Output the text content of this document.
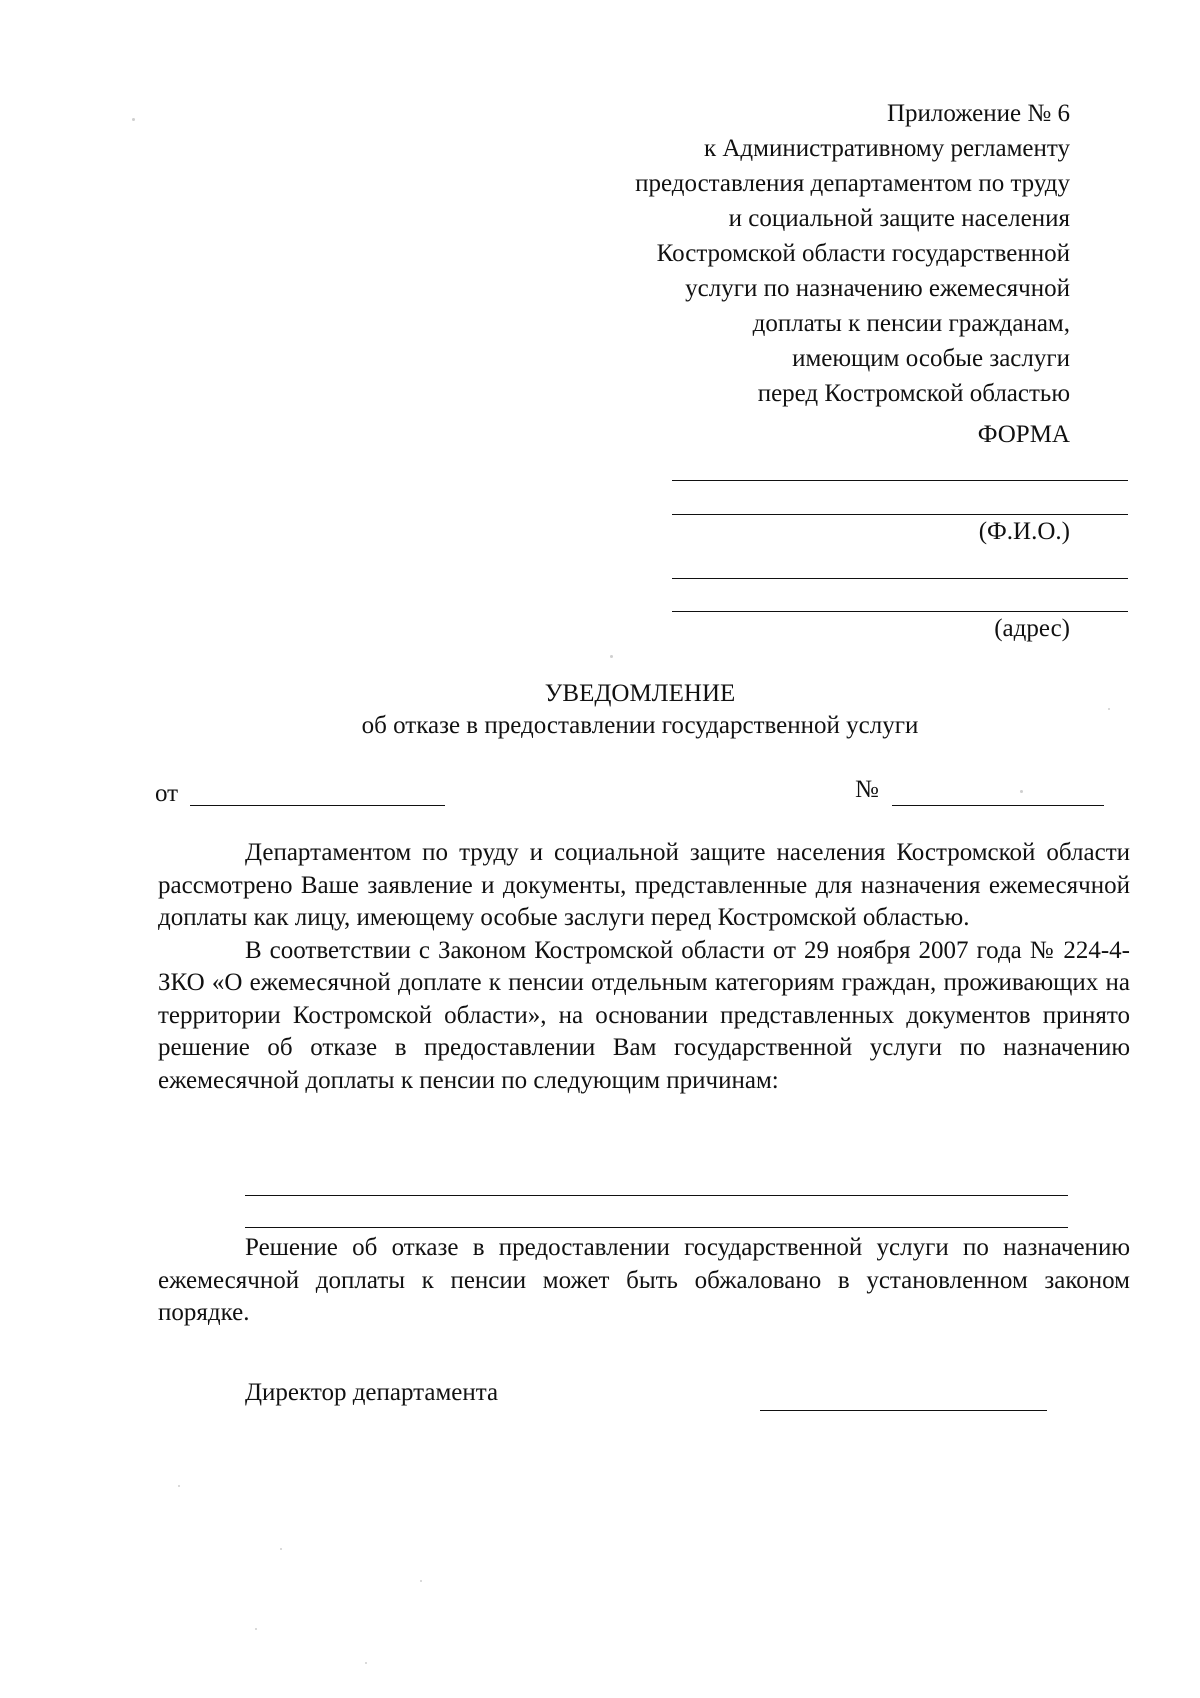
Приложение № 6
к Административному регламенту
предоставления департаментом по труду
и социальной защите населения
Костромской области государственной
услуги по назначению ежемесячной
доплаты к пенсии гражданам,
имеющим особые заслуги
перед Костромской областью
ФОРМА
(Ф.И.О.)
(адрес)
УВЕДОМЛЕНИЕ
об отказе в предоставлении государственной услуги
от	№

Департаментом по труду и социальной защите населения Костромской области рассмотрено Ваше заявление и документы, представленные для назначения ежемесячной доплаты как лицу, имеющему особые заслуги перед Костромской областью.

В соответствии с Законом Костромской области от 29 ноября 2007 года № 224-4-ЗКО «О ежемесячной доплате к пенсии отдельным категориям граждан, проживающих на территории Костромской области», на основании представленных документов принято решение об отказе в предоставлении Вам государственной услуги по назначению ежемесячной доплаты к пенсии по следующим причинам:

Решение об отказе в предоставлении государственной услуги по назначению ежемесячной доплаты к пенсии может быть обжаловано в установленном законом порядке.

Директор департамента
